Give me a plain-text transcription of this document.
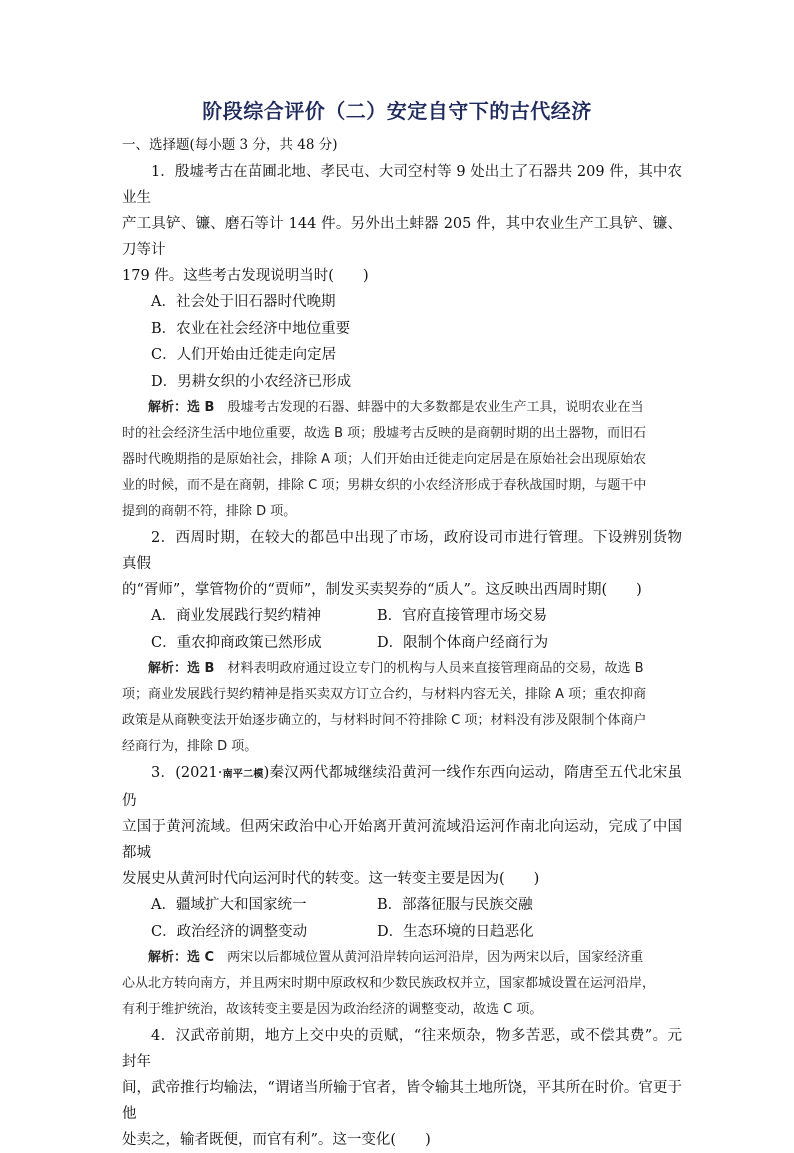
阶段综合评价（二）安定自守下的古代经济
一、选择题(每小题 3 分，共 48 分)
1．殷墟考古在苗圃北地、孝民屯、大司空村等 9 处出土了石器共 209 件，其中农业生
产工具铲、镰、磨石等计 144 件。另外出土蚌器 205 件，其中农业生产工具铲、镰、刀等计
179 件。这些考古发现说明当时(　　)
A．社会处于旧石器时代晚期
B．农业在社会经济中地位重要
C．人们开始由迁徙走向定居
D．男耕女织的小农经济已形成
解析：选 B　 殷墟考古发现的石器、蚌器中的大多数都是农业生产工具，说明农业在当
时的社会经济生活中地位重要，故选 B 项；殷墟考古反映的是商朝时期的出土器物，而旧石
器时代晚期指的是原始社会，排除 A 项；人们开始由迁徙走向定居是在原始社会出现原始农
业的时候，而不是在商朝，排除 C 项；男耕女织的小农经济形成于春秋战国时期，与题干中
提到的商朝不符，排除 D 项。
2．西周时期，在较大的都邑中出现了市场，政府设司市进行管理。下设辨别货物真假
的“胥师”，掌管物价的“贾师”，制发买卖契券的“质人”。这反映出西周时期(　　)
A．商业发展践行契约精神	B．官府直接管理市场交易
C．重农抑商政策已然形成	D．限制个体商户经商行为
解析：选 B　 材料表明政府通过设立专门的机构与人员来直接管理商品的交易，故选 B
项；商业发展践行契约精神是指买卖双方订立合约，与材料内容无关，排除 A 项；重农抑商
政策是从商鞅变法开始逐步确立的，与材料时间不符排除 C 项；材料没有涉及限制个体商户
经商行为，排除 D 项。
3．(2021·南平二模)秦汉两代都城继续沿黄河一线作东西向运动，隋唐至五代北宋虽仍
立国于黄河流域。但两宋政治中心开始离开黄河流域沿运河作南北向运动，完成了中国都城
发展史从黄河时代向运河时代的转变。这一转变主要是因为(　　)
A．疆域扩大和国家统一	B．部落征服与民族交融
C．政治经济的调整变动	D．生态环境的日趋恶化
解析：选 C　 两宋以后都城位置从黄河沿岸转向运河沿岸，因为两宋以后，国家经济重
心从北方转向南方，并且两宋时期中原政权和少数民族政权并立，国家都城设置在运河沿岸，
有利于维护统治，故该转变主要是因为政治经济的调整变动，故选 C 项。
4．汉武帝前期，地方上交中央的贡赋，“往来烦杂，物多苦恶，或不偿其费”。元封年
间，武帝推行均输法，“谓诸当所输于官者，皆令输其土地所饶，平其所在时价。官更于他
处卖之，输者既便，而官有利”。这一变化(　　)
